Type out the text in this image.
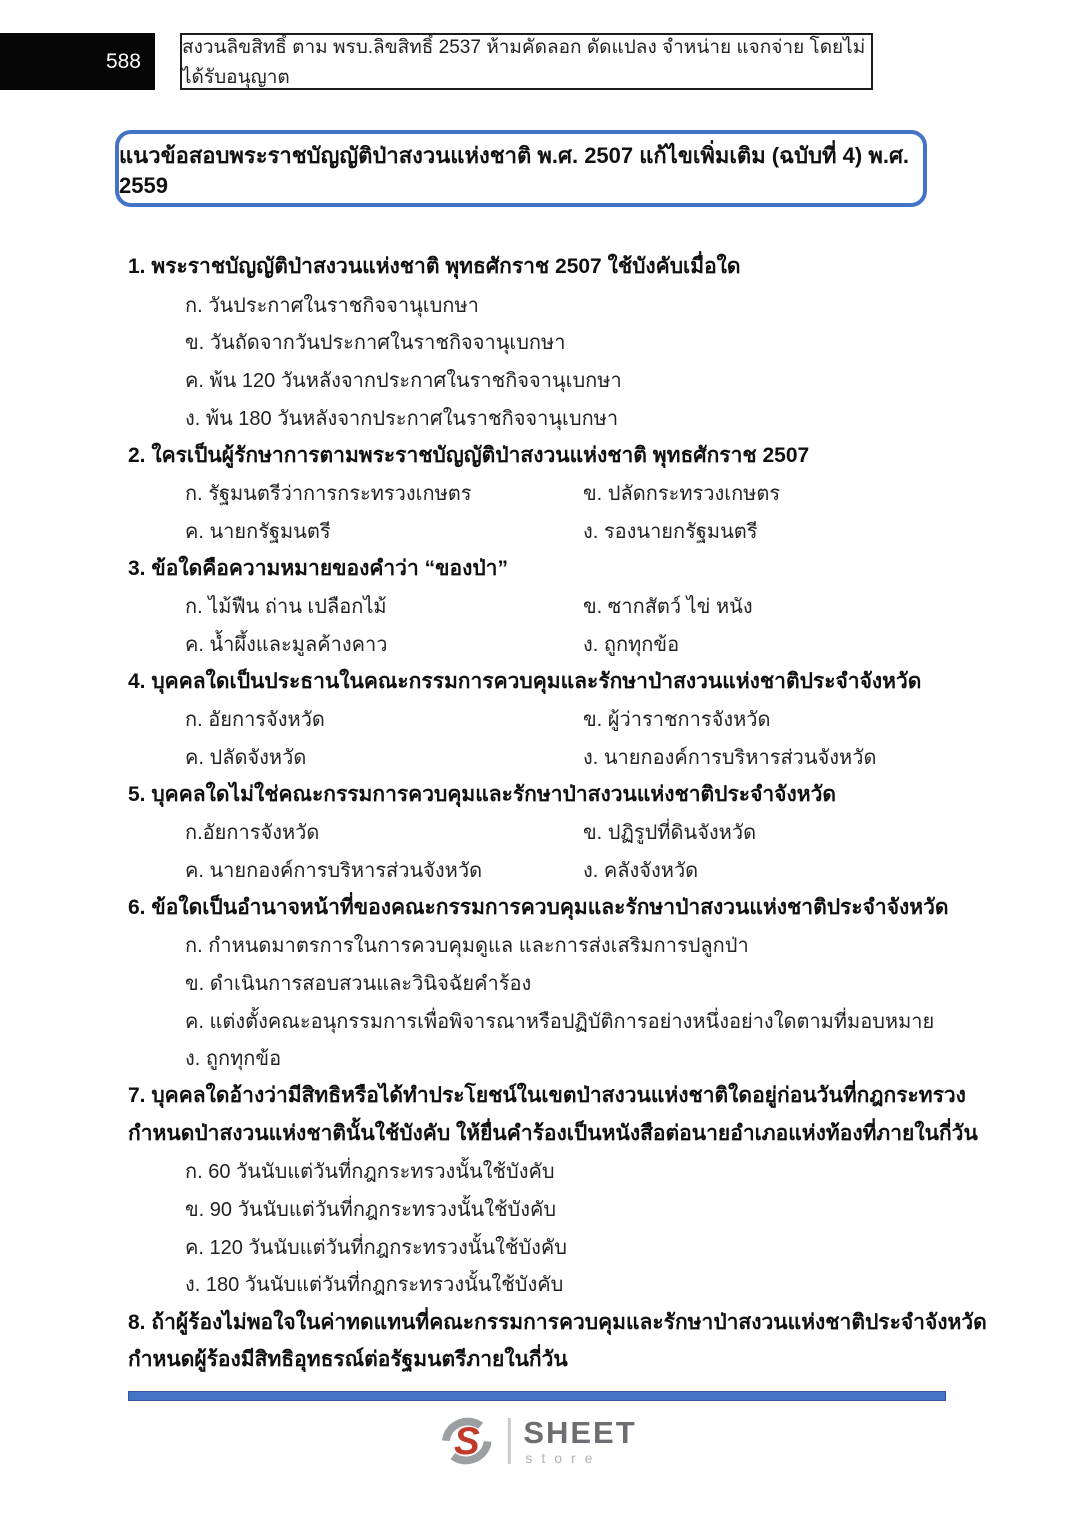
588
สงวนลิขสิทธิ์ ตาม พรบ.ลิขสิทธิ์ 2537 ห้ามคัดลอก ดัดแปลง จำหน่าย แจกจ่าย โดยไม่ได้รับอนุญาต
แนวข้อสอบพระราชบัญญัติป่าสงวนแห่งชาติ พ.ศ. 2507 แก้ไขเพิ่มเติม (ฉบับที่ 4) พ.ศ. 2559
1. พระราชบัญญัติป่าสงวนแห่งชาติ พุทธศักราช 2507 ใช้บังคับเมื่อใด
ก. วันประกาศในราชกิจจานุเบกษา
ข. วันถัดจากวันประกาศในราชกิจจานุเบกษา
ค. พ้น 120 วันหลังจากประกาศในราชกิจจานุเบกษา
ง. พ้น 180 วันหลังจากประกาศในราชกิจจานุเบกษา
2. ใครเป็นผู้รักษาการตามพระราชบัญญัติป่าสงวนแห่งชาติ พุทธศักราช 2507
ก. รัฐมนตรีว่าการกระทรวงเกษตร	ข. ปลัดกระทรวงเกษตร
ค. นายกรัฐมนตรี	ง. รองนายกรัฐมนตรี
3. ข้อใดคือความหมายของคำว่า “ของป่า”
ก. ไม้ฟืน ถ่าน เปลือกไม้	ข. ซากสัตว์ ไข่ หนัง
ค. น้ำผึ้งและมูลค้างคาว	ง. ถูกทุกข้อ
4. บุคคลใดเป็นประธานในคณะกรรมการควบคุมและรักษาป่าสงวนแห่งชาติประจำจังหวัด
ก. อัยการจังหวัด	ข. ผู้ว่าราชการจังหวัด
ค. ปลัดจังหวัด	ง. นายกองค์การบริหารส่วนจังหวัด
5. บุคคลใดไม่ใช่คณะกรรมการควบคุมและรักษาป่าสงวนแห่งชาติประจำจังหวัด
ก.อัยการจังหวัด	ข. ปฏิรูปที่ดินจังหวัด
ค. นายกองค์การบริหารส่วนจังหวัด	ง. คลังจังหวัด
6. ข้อใดเป็นอำนาจหน้าที่ของคณะกรรมการควบคุมและรักษาป่าสงวนแห่งชาติประจำจังหวัด
ก. กำหนดมาตรการในการควบคุมดูแล และการส่งเสริมการปลูกป่า
ข. ดำเนินการสอบสวนและวินิจฉัยคำร้อง
ค. แต่งตั้งคณะอนุกรรมการเพื่อพิจารณาหรือปฏิบัติการอย่างหนึ่งอย่างใดตามที่มอบหมาย
ง. ถูกทุกข้อ
7. บุคคลใดอ้างว่ามีสิทธิหรือได้ทำประโยชน์ในเขตป่าสงวนแห่งชาติใดอยู่ก่อนวันที่กฎกระทรวง
กำหนดป่าสงวนแห่งชาตินั้นใช้บังคับ ให้ยื่นคำร้องเป็นหนังสือต่อนายอำเภอแห่งท้องที่ภายในกี่วัน
ก. 60 วันนับแต่วันที่กฎกระทรวงนั้นใช้บังคับ
ข. 90 วันนับแต่วันที่กฎกระทรวงนั้นใช้บังคับ
ค. 120 วันนับแต่วันที่กฎกระทรวงนั้นใช้บังคับ
ง. 180 วันนับแต่วันที่กฎกระทรวงนั้นใช้บังคับ
8. ถ้าผู้ร้องไม่พอใจในค่าทดแทนที่คณะกรรมการควบคุมและรักษาป่าสงวนแห่งชาติประจำจังหวัด
กำหนดผู้ร้องมีสิทธิอุทธรณ์ต่อรัฐมนตรีภายในกี่วัน
S SHEET
store
